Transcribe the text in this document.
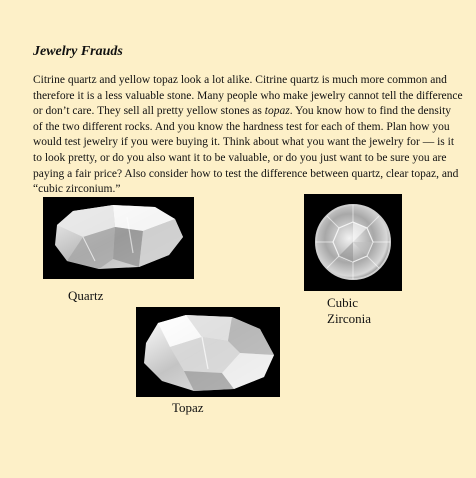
Jewelry Frauds

Citrine quartz and yellow topaz look a lot alike. Citrine quartz is much more common and therefore it is a less valuable stone. Many people who make jewelry cannot tell the difference or don’t care. They sell all pretty yellow stones as topaz. You know how to find the density of the two different rocks. And you know the hardness test for each of them. Plan how you would test jewelry if you were buying it. Think about what you want the jewelry for — is it to look pretty, or do you also want it to be valuable, or do you just want to be sure you are paying a fair price? Also consider how to test the difference between quartz, clear topaz, and “cubic zirconium.”

Quartz	Cubic
Zirconia

Topaz
